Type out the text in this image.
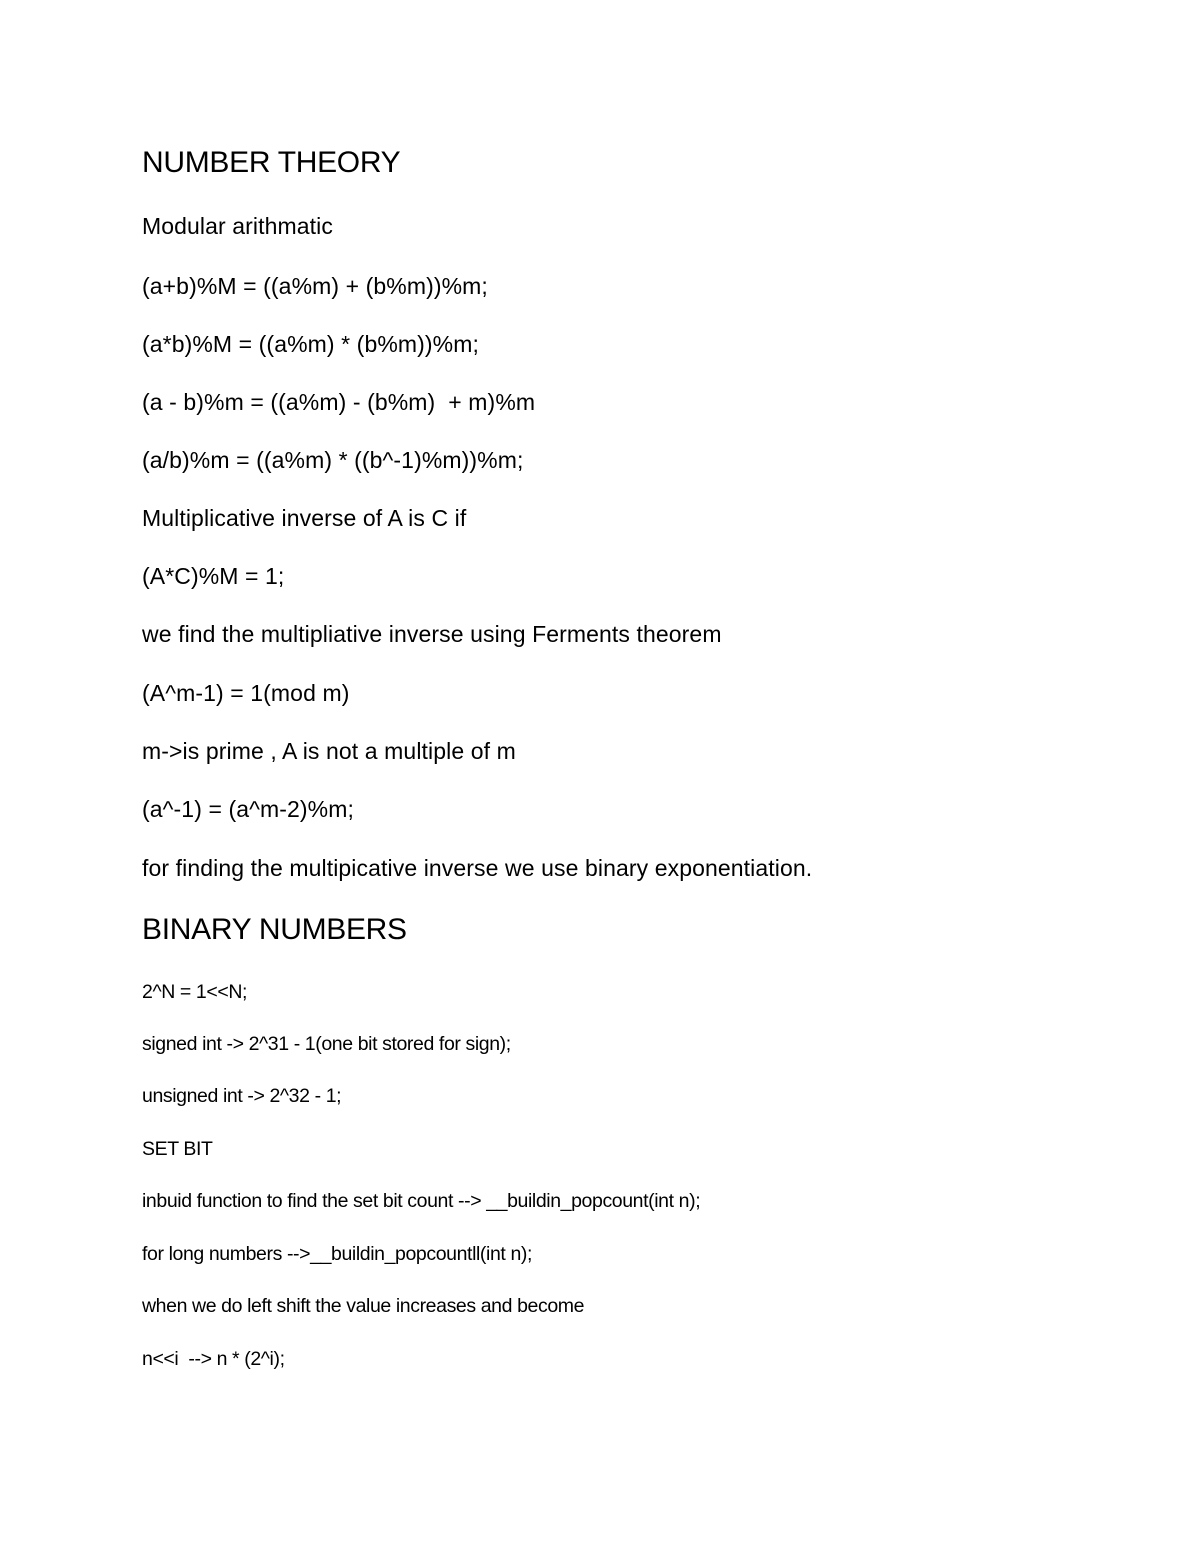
NUMBER THEORY
Modular arithmatic
(a+b)%M = ((a%m) + (b%m))%m;
(a*b)%M = ((a%m) * (b%m))%m;
(a - b)%m = ((a%m) - (b%m)  + m)%m
(a/b)%m = ((a%m) * ((b^-1)%m))%m;
Multiplicative inverse of A is C if
(A*C)%M = 1;
we find the multipliative inverse using Ferments theorem
(A^m-1) = 1(mod m)
m->is prime , A is not a multiple of m
(a^-1) = (a^m-2)%m;
for finding the multipicative inverse we use binary exponentiation.
BINARY NUMBERS
2^N = 1<<N;
signed int -> 2^31 - 1(one bit stored for sign);
unsigned int -> 2^32 - 1;
SET BIT
inbuid function to find the set bit count --> __buildin_popcount(int n);
for long numbers -->__buildin_popcountll(int n);
when we do left shift the value increases and become
n<<i  --> n * (2^i);
